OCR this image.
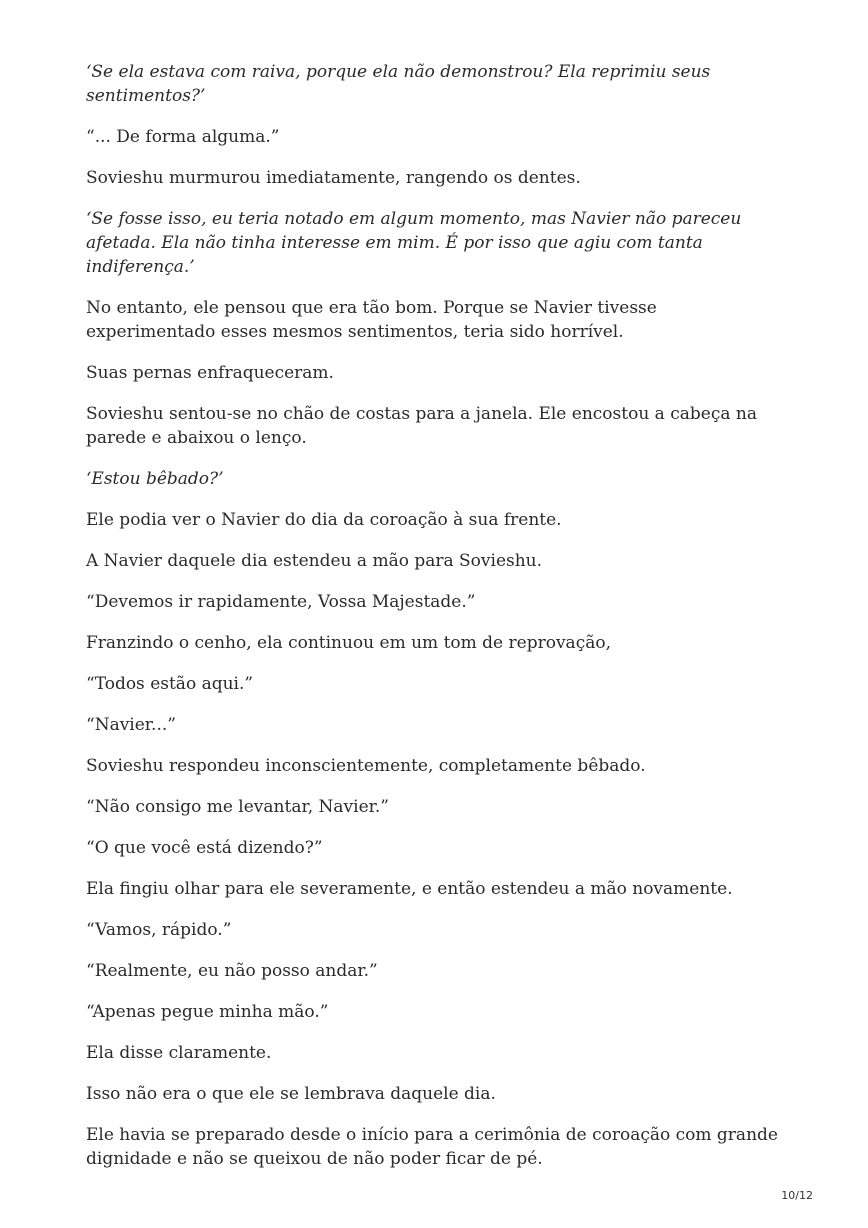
‘Se ela estava com raiva, porque ela não demonstrou? Ela reprimiu seus sentimentos?’

“... De forma alguma.”

Sovieshu murmurou imediatamente, rangendo os dentes.

‘Se fosse isso, eu teria notado em algum momento, mas Navier não pareceu afetada. Ela não tinha interesse em mim. É por isso que agiu com tanta indiferença.’

No entanto, ele pensou que era tão bom. Porque se Navier tivesse experimentado esses mesmos sentimentos, teria sido horrível.

Suas pernas enfraqueceram.

Sovieshu sentou-se no chão de costas para a janela. Ele encostou a cabeça na parede e abaixou o lenço.

‘Estou bêbado?’

Ele podia ver o Navier do dia da coroação à sua frente.

A Navier daquele dia estendeu a mão para Sovieshu.

“Devemos ir rapidamente, Vossa Majestade.”

Franzindo o cenho, ela continuou em um tom de reprovação,

“Todos estão aqui.”

“Navier...”

Sovieshu respondeu inconscientemente, completamente bêbado.

“Não consigo me levantar, Navier.”

“O que você está dizendo?”

Ela fingiu olhar para ele severamente, e então estendeu a mão novamente.

“Vamos, rápido.”

“Realmente, eu não posso andar.”

“Apenas pegue minha mão.”

Ela disse claramente.

Isso não era o que ele se lembrava daquele dia.

Ele havia se preparado desde o início para a cerimônia de coroação com grande dignidade e não se queixou de não poder ficar de pé.

10/12
